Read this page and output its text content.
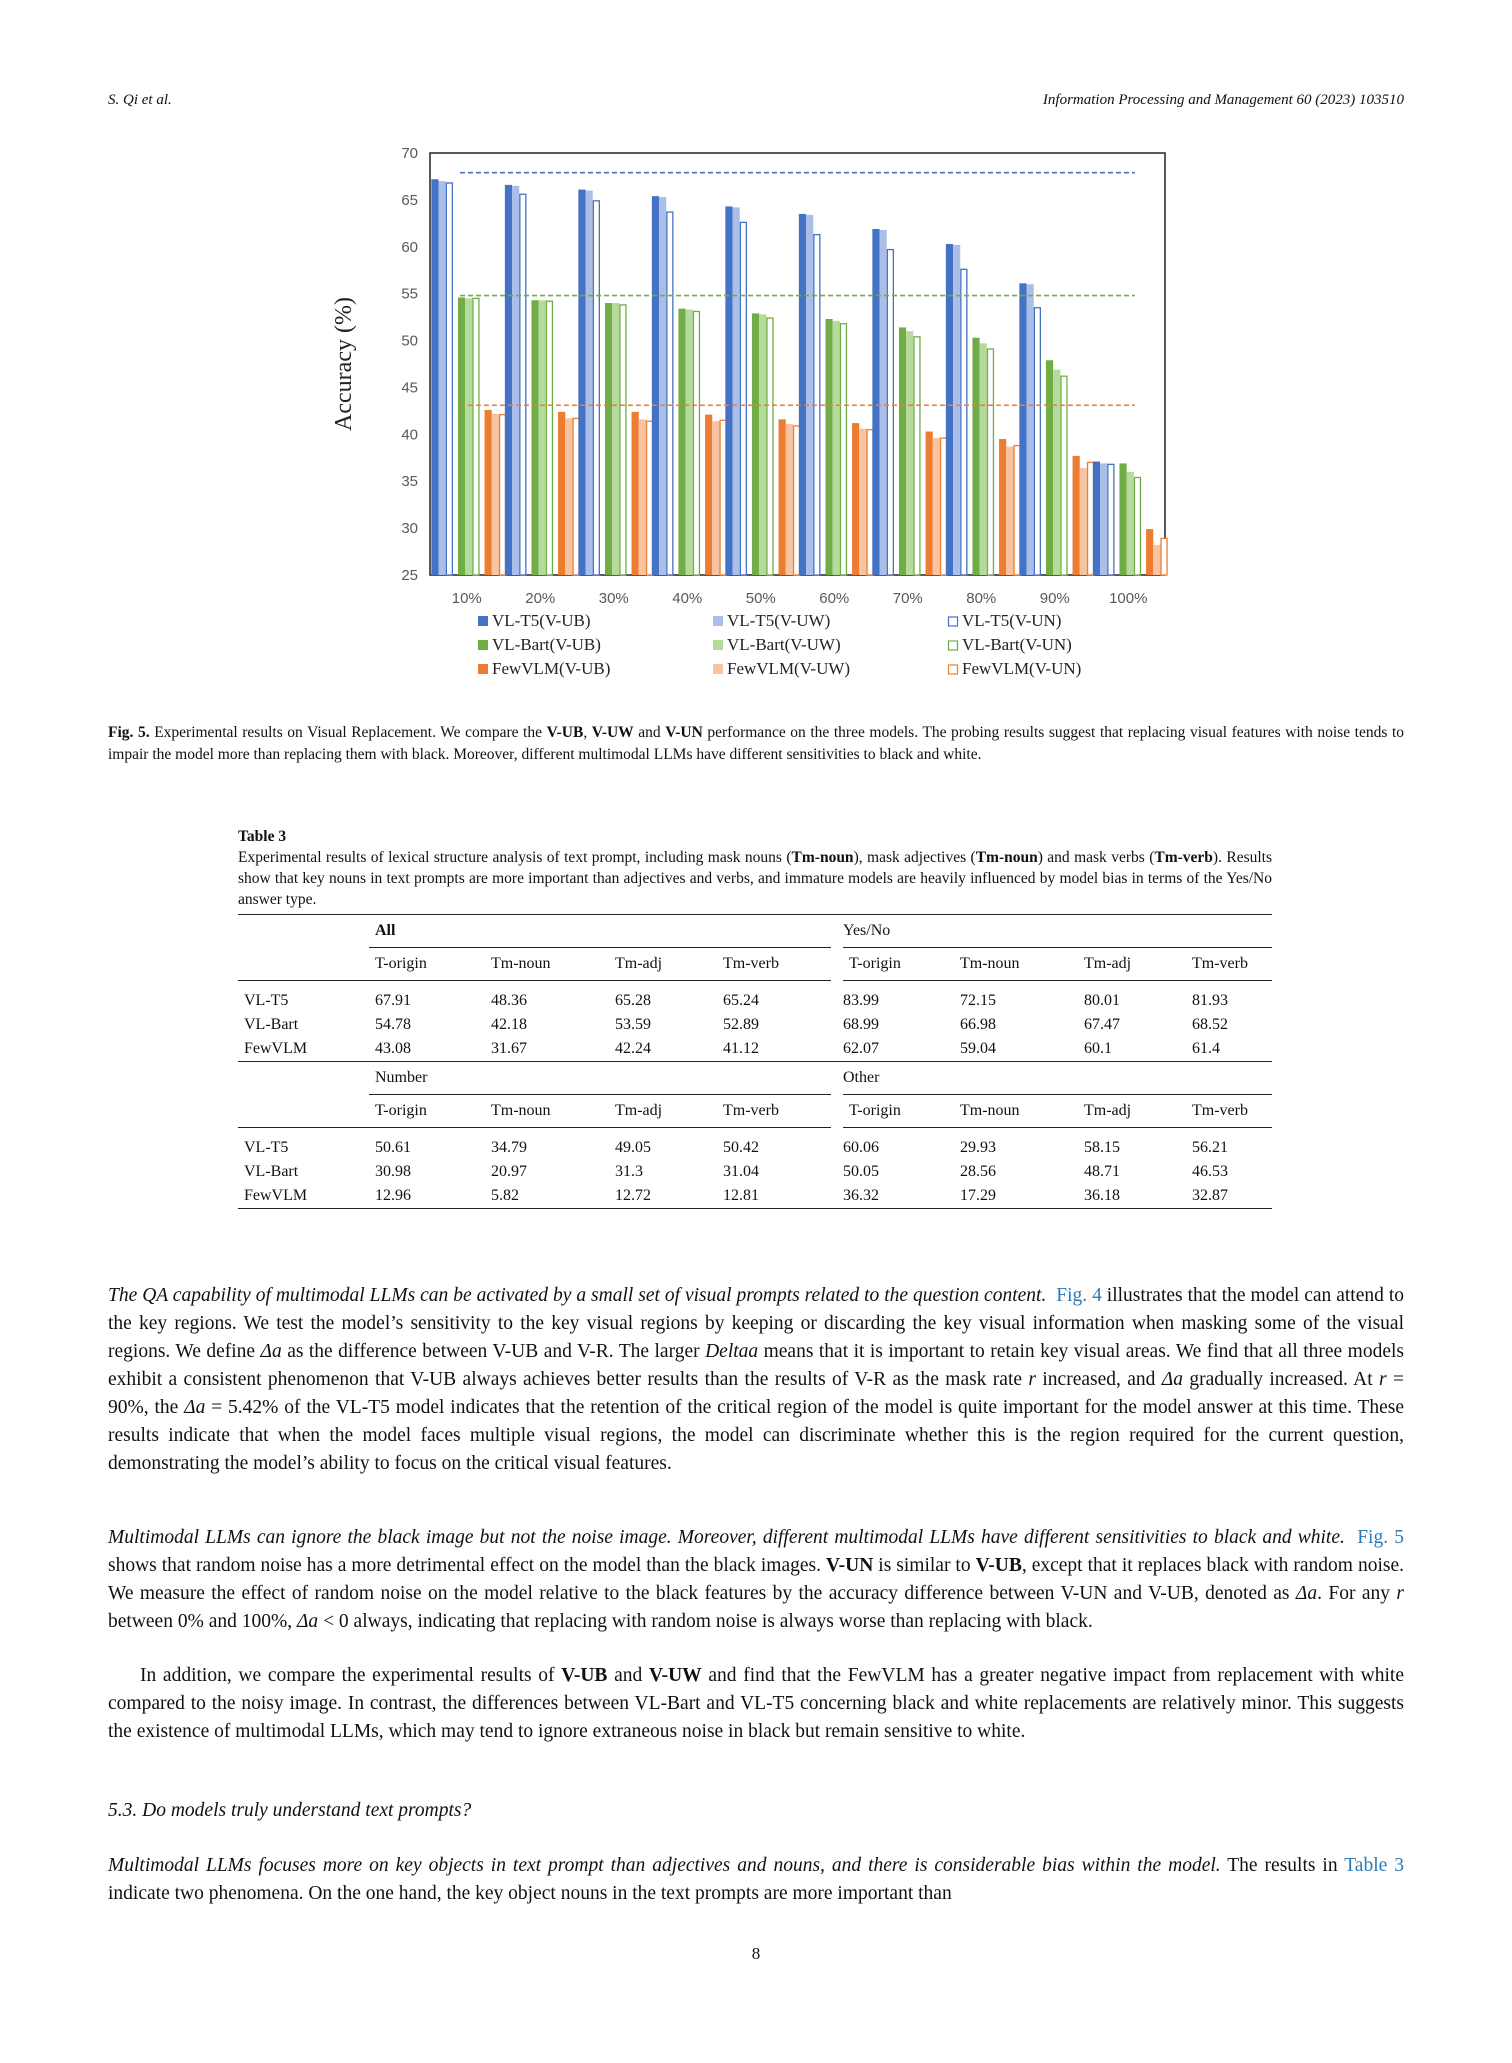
S. Qi et al.	Information Processing and Management 60 (2023) 103510
25
30
35
40
45
50
55
60
65
70
Accuracy (%)
10%	20%	30%	40%	50%	60%	70%	80%	90%	100%
VL-T5(V-UB)	VL-T5(V-UW)	VL-T5(V-UN)
VL-Bart(V-UB)	VL-Bart(V-UW)	VL-Bart(V-UN)
FewVLM(V-UB)	FewVLM(V-UW)	FewVLM(V-UN)
Fig. 5. Experimental results on Visual Replacement. We compare the V-UB, V-UW and V-UN performance on the three models. The probing results suggest that replacing visual features with noise tends to impair the model more than replacing them with black. Moreover, different multimodal LLMs have different sensitivities to black and white.
Table 3
Experimental results of lexical structure analysis of text prompt, including mask nouns (Tm-noun), mask adjectives (Tm-noun) and mask verbs (Tm-verb). Results show that key nouns in text prompts are more important than adjectives and verbs, and immature models are heavily influenced by model bias in terms of the Yes/No answer type.
	All				Yes/No			
	T-origin	Tm-noun	Tm-adj	Tm-verb	T-origin	Tm-noun	Tm-adj	Tm-verb

VL-T5	67.91	48.36	65.28	65.24	83.99	72.15	80.01	81.93
VL-Bart	54.78	42.18	53.59	52.89	68.99	66.98	67.47	68.52
FewVLM	43.08	31.67	42.24	41.12	62.07	59.04	60.1	61.4
	Number				Other			
	T-origin	Tm-noun	Tm-adj	Tm-verb	T-origin	Tm-noun	Tm-adj	Tm-verb

VL-T5	50.61	34.79	49.05	50.42	60.06	29.93	58.15	56.21
VL-Bart	30.98	20.97	31.3	31.04	50.05	28.56	48.71	46.53
FewVLM	12.96	5.82	12.72	12.81	36.32	17.29	36.18	32.87
The QA capability of multimodal LLMs can be activated by a small set of visual prompts related to the question content. Fig. 4 illustrates that the model can attend to the key regions. We test the model’s sensitivity to the key visual regions by keeping or discarding the key visual information when masking some of the visual regions. We define Δa as the difference between V-UB and V-R. The larger Deltaa means that it is important to retain key visual areas. We find that all three models exhibit a consistent phenomenon that V-UB always achieves better results than the results of V-R as the mask rate r increased, and Δa gradually increased. At r = 90%, the Δa = 5.42% of the VL-T5 model indicates that the retention of the critical region of the model is quite important for the model answer at this time. These results indicate that when the model faces multiple visual regions, the model can discriminate whether this is the region required for the current question, demonstrating the model’s ability to focus on the critical visual features.
Multimodal LLMs can ignore the black image but not the noise image. Moreover, different multimodal LLMs have different sensitivities to black and white. Fig. 5 shows that random noise has a more detrimental effect on the model than the black images. V-UN is similar to V-UB, except that it replaces black with random noise. We measure the effect of random noise on the model relative to the black features by the accuracy difference between V-UN and V-UB, denoted as Δa. For any r between 0% and 100%, Δa < 0 always, indicating that replacing with random noise is always worse than replacing with black.
In addition, we compare the experimental results of V-UB and V-UW and find that the FewVLM has a greater negative impact from replacement with white compared to the noisy image. In contrast, the differences between VL-Bart and VL-T5 concerning black and white replacements are relatively minor. This suggests the existence of multimodal LLMs, which may tend to ignore extraneous noise in black but remain sensitive to white.
5.3. Do models truly understand text prompts?
Multimodal LLMs focuses more on key objects in text prompt than adjectives and nouns, and there is considerable bias within the model. The results in Table 3 indicate two phenomena. On the one hand, the key object nouns in the text prompts are more important than
8
